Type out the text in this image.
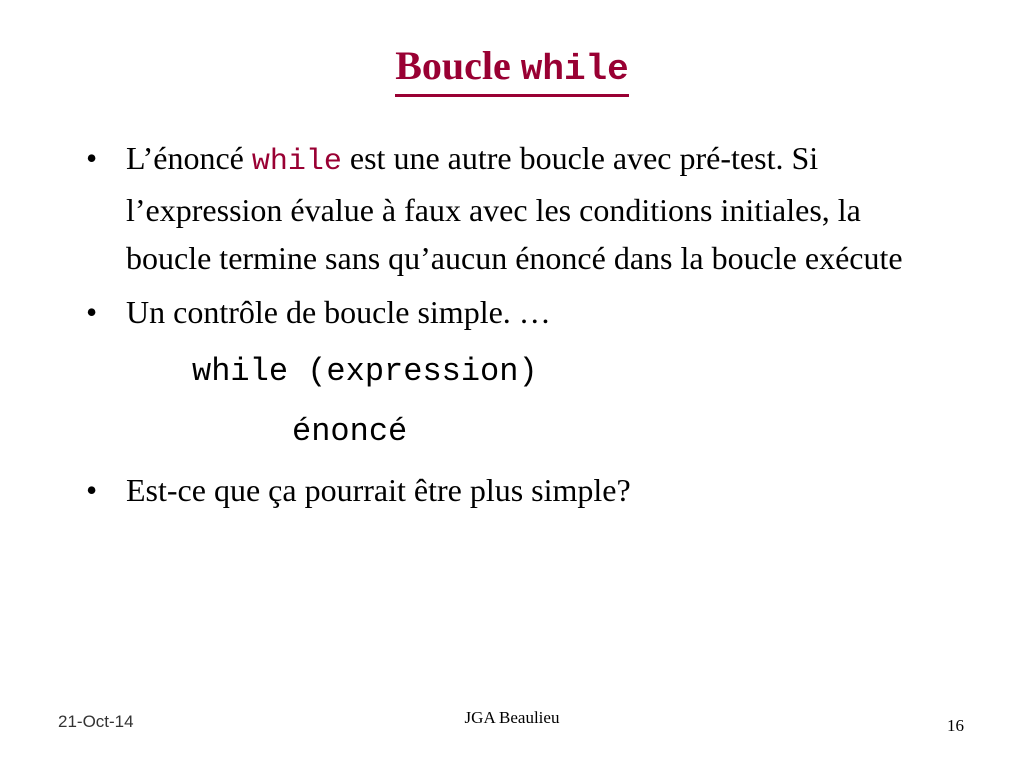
Boucle while
• L’énoncé while est une autre boucle avec pré-test. Si l’expression évalue à faux avec les conditions initiales, la boucle termine sans qu’aucun énoncé dans la boucle exécute
• Un contrôle de boucle simple. …
while (expression)
énoncé
• Est-ce que ça pourrait être plus simple?
21-Oct-14	JGA Beaulieu	16
